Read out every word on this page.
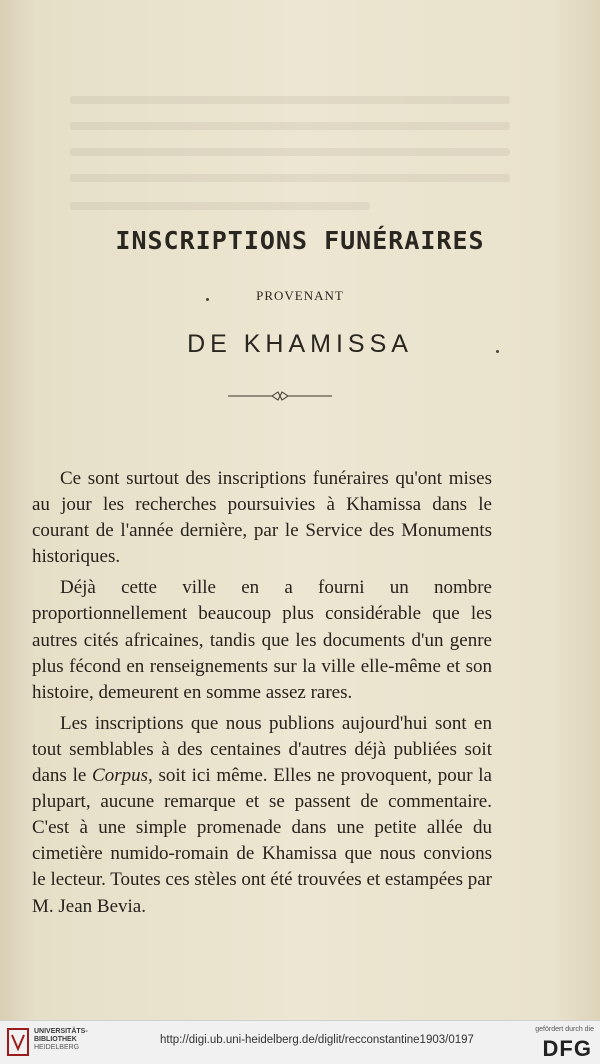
INSCRIPTIONS FUNÉRAIRES
PROVENANT
DE KHAMISSA

Ce sont surtout des inscriptions funéraires qu'ont mises au jour les recherches poursuivies à Khamissa dans le courant de l'année dernière, par le Service des Monuments historiques.

Déjà cette ville en a fourni un nombre proportionnellement beaucoup plus considérable que les autres cités africaines, tandis que les documents d'un genre plus fécond en renseignements sur la ville elle-même et son histoire, demeurent en somme assez rares.

Les inscriptions que nous publions aujourd'hui sont en tout semblables à des centaines d'autres déjà publiées soit dans le Corpus, soit ici même. Elles ne provoquent, pour la plupart, aucune remarque et se passent de commentaire. C'est à une simple promenade dans une petite allée du cimetière numido-romain de Khamissa que nous convions le lecteur. Toutes ces stèles ont été trouvées et estampées par M. Jean Bevia.

UNIVERSITÄTS-
BIBLIOTHEK
HEIDELBERG
http://digi.ub.uni-heidelberg.de/diglit/recconstantine1903/0197
gefördert durch die
DFG
